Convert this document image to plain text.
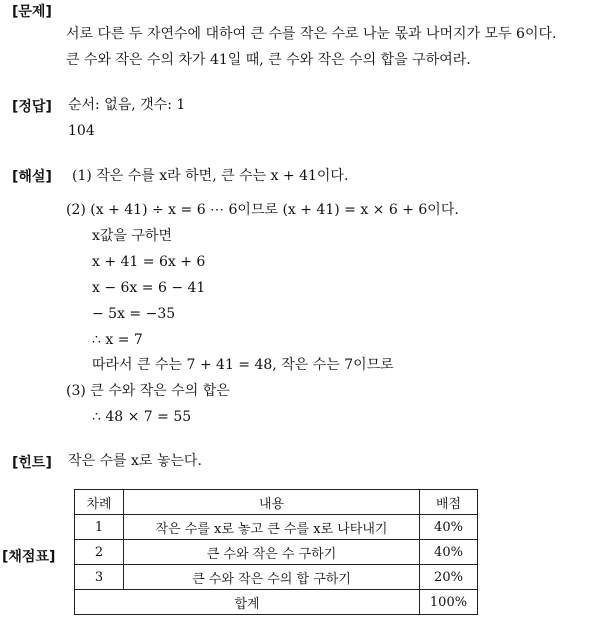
[문제]
서로 다른 두 자연수에 대하여 큰 수를 작은 수로 나눈 몫과 나머지가 모두 6이다.
큰 수와 작은 수의 차가 41일 때, 큰 수와 작은 수의 합을 구하여라.
[정답] 순서: 없음, 갯수: 1
104
[해설] (1) 작은 수를 x라 하면, 큰 수는 x + 41이다.
(2) (x + 41) ÷ x = 6 ⋯ 6이므로 (x + 41) = x × 6 + 6이다.
x값을 구하면
x + 41 = 6x + 6
x − 6x = 6 − 41
− 5x = −35
∴ x = 7
따라서 큰 수는 7 + 41 = 48, 작은 수는 7이므로
(3) 큰 수와 작은 수의 합은
∴ 48 × 7 = 55
[힌트] 작은 수를 x로 놓는다.
[채점표]
차례	내용	배점
1	작은 수를 x로 놓고 큰 수를 x로 나타내기	40%
2	큰 수와 작은 수 구하기	40%
3	큰 수와 작은 수의 합 구하기	20%
합계		100%
